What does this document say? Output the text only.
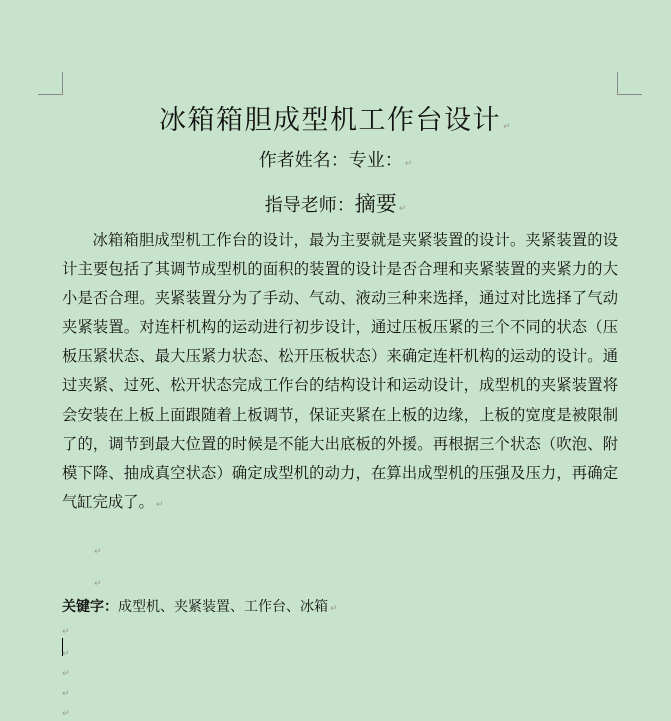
冰箱箱胆成型机工作台设计 ↵
作者姓名：专业： ↵
指导老师：摘要 ↵
冰箱箱胆成型机工作台的设计，最为主要就是夹紧装置的设计。夹紧装置的设计主要包括了其调节成型机的面积的装置的设计是否合理和夹紧装置的夹紧力的大小是否合理。夹紧装置分为了手动、气动、液动三种来选择，通过对比选择了气动夹紧装置。对连杆机构的运动进行初步设计，通过压板压紧的三个不同的状态（压板压紧状态、最大压紧力状态、松开压板状态）来确定连杆机构的运动的设计。通过夹紧、过死、松开状态完成工作台的结构设计和运动设计，成型机的夹紧装置将会安装在上板上面跟随着上板调节，保证夹紧在上板的边缘，上板的宽度是被限制了的，调节到最大位置的时候是不能大出底板的外援。再根据三个状态（吹泡、附模下降、抽成真空状态）确定成型机的动力，在算出成型机的压强及压力，再确定气缸完成了。 ↵
↵
↵
关键字：成型机、夹紧装置、工作台、冰箱 ↵
↵
↵
↵
↵
↵
